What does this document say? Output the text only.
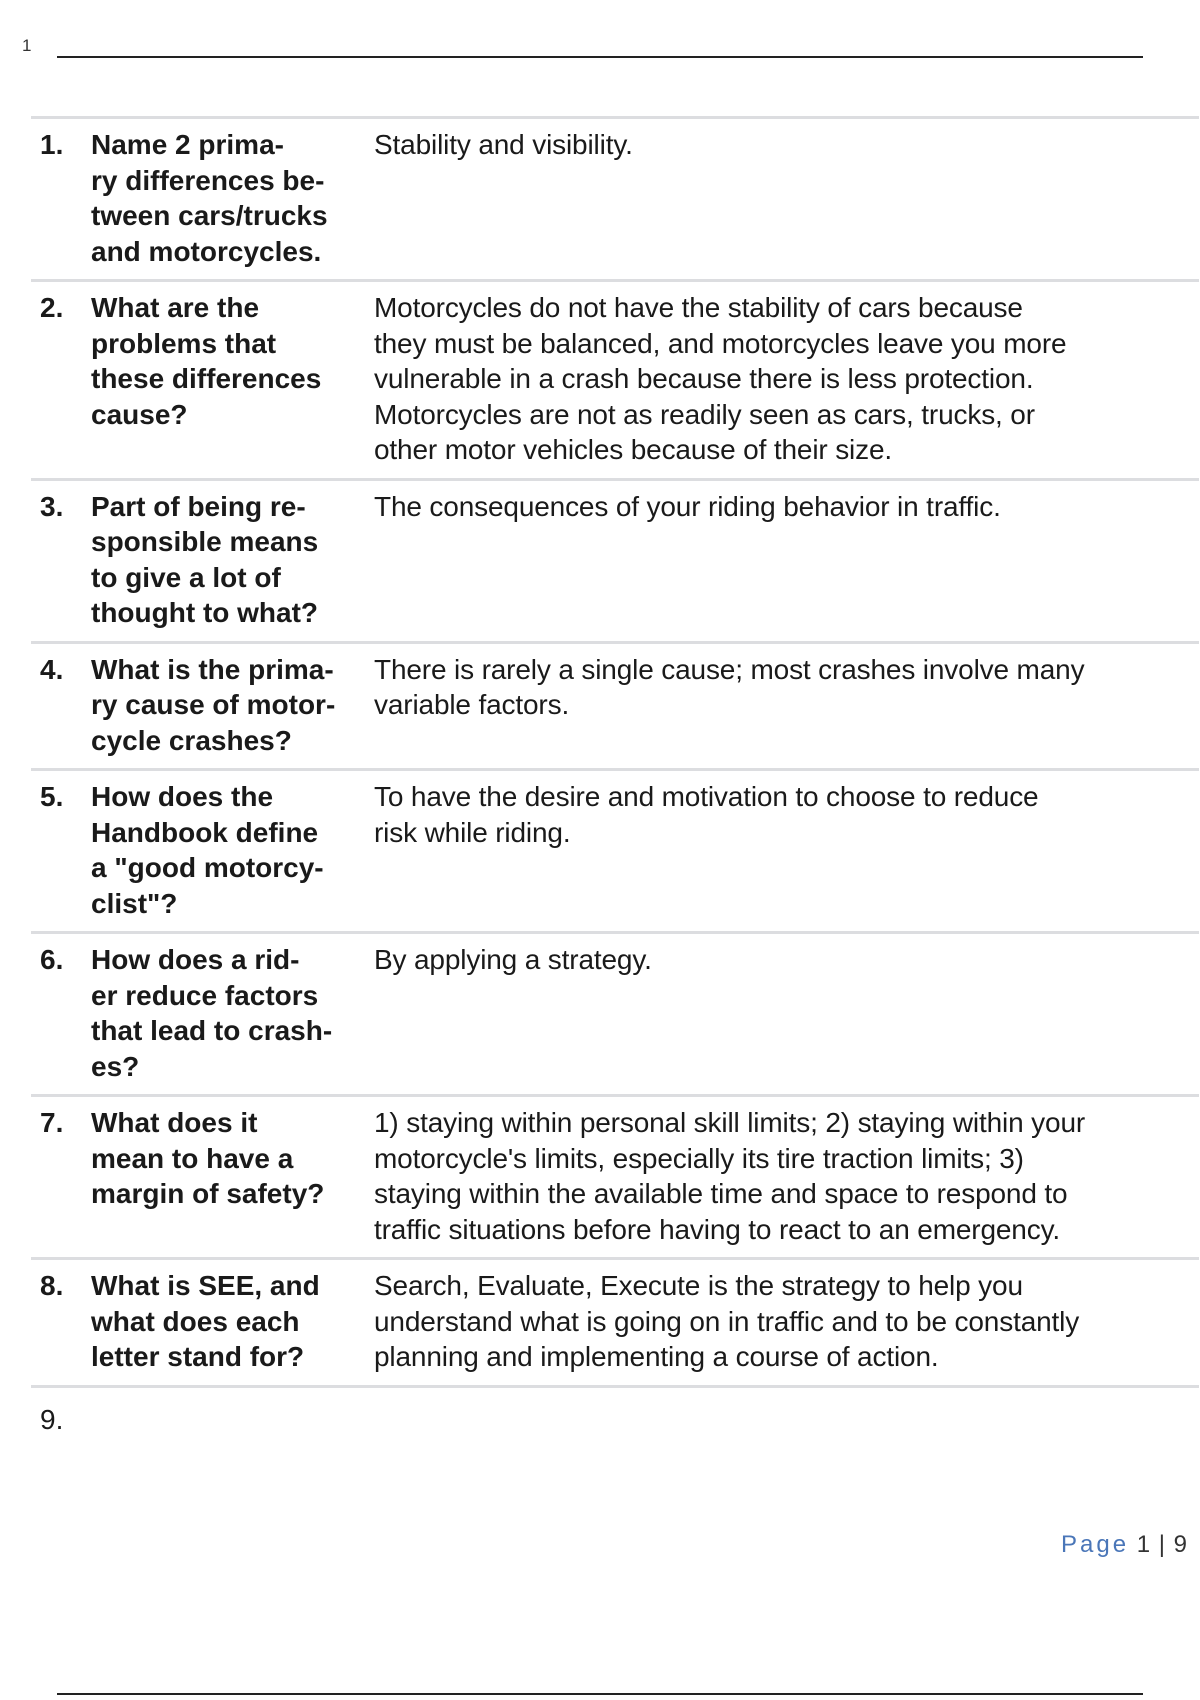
1
1. Name 2 prima-
ry differences be-
tween cars/trucks
and motorcycles.
Stability and visibility.
2. What are the
problems that
these differences
cause?
Motorcycles do not have the stability of cars because
they must be balanced, and motorcycles leave you more
vulnerable in a crash because there is less protection.
Motorcycles are not as readily seen as cars, trucks, or
other motor vehicles because of their size.
3. Part of being re-
sponsible means
to give a lot of
thought to what?
The consequences of your riding behavior in traffic.
4. What is the prima-
ry cause of motor-
cycle crashes?
There is rarely a single cause; most crashes involve many
variable factors.
5. How does the
Handbook define
a "good motorcy-
clist"?
To have the desire and motivation to choose to reduce
risk while riding.
6. How does a rid-
er reduce factors
that lead to crash-
es?
By applying a strategy.
7. What does it
mean to have a
margin of safety?
1) staying within personal skill limits; 2) staying within your
motorcycle's limits, especially its tire traction limits; 3)
staying within the available time and space to respond to
traffic situations before having to react to an emergency.
8. What is SEE, and
what does each
letter stand for?
Search, Evaluate, Execute is the strategy to help you
understand what is going on in traffic and to be constantly
planning and implementing a course of action.
9.
Page 1 | 9
